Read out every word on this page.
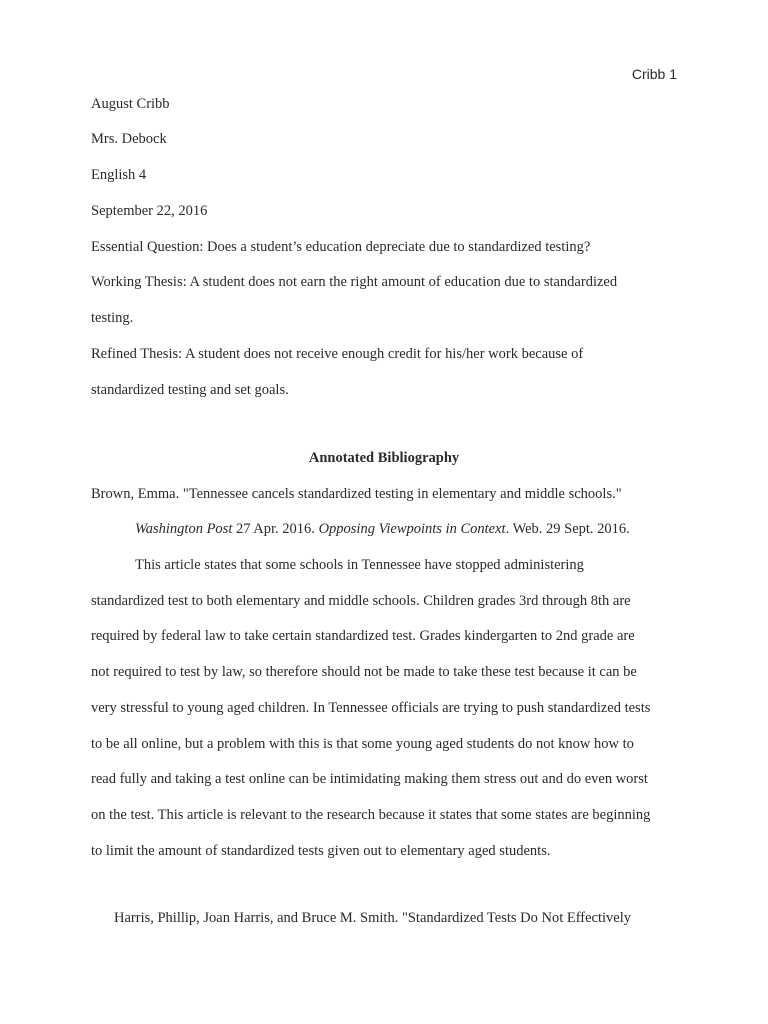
Cribb 1
August Cribb
Mrs. Debock
English 4
September 22, 2016
Essential Question: Does a student’s education depreciate due to standardized testing?
Working Thesis: A student does not earn the right amount of education due to standardized
testing.
Refined Thesis: A student does not receive enough credit for his/her work because of
standardized testing and set goals.
Annotated Bibliography
Brown, Emma. "Tennessee cancels standardized testing in elementary and middle schools."
Washington Post 27 Apr. 2016. Opposing Viewpoints in Context. Web. 29 Sept. 2016.
This article states that some schools in Tennessee have stopped administering
standardized test to both elementary and middle schools. Children grades 3rd through 8th are
required by federal law to take certain standardized test. Grades kindergarten to 2nd grade are
not required to test by law, so therefore should not be made to take these test because it can be
very stressful to young aged children. In Tennessee officials are trying to push standardized tests
to be all online, but a problem with this is that some young aged students do not know how to
read fully and taking a test online can be intimidating making them stress out and do even worst
on the test. This article is relevant to the research because it states that some states are beginning
to limit the amount of standardized tests given out to elementary aged students.
Harris, Phillip, Joan Harris, and Bruce M. Smith. "Standardized Tests Do Not Effectively
